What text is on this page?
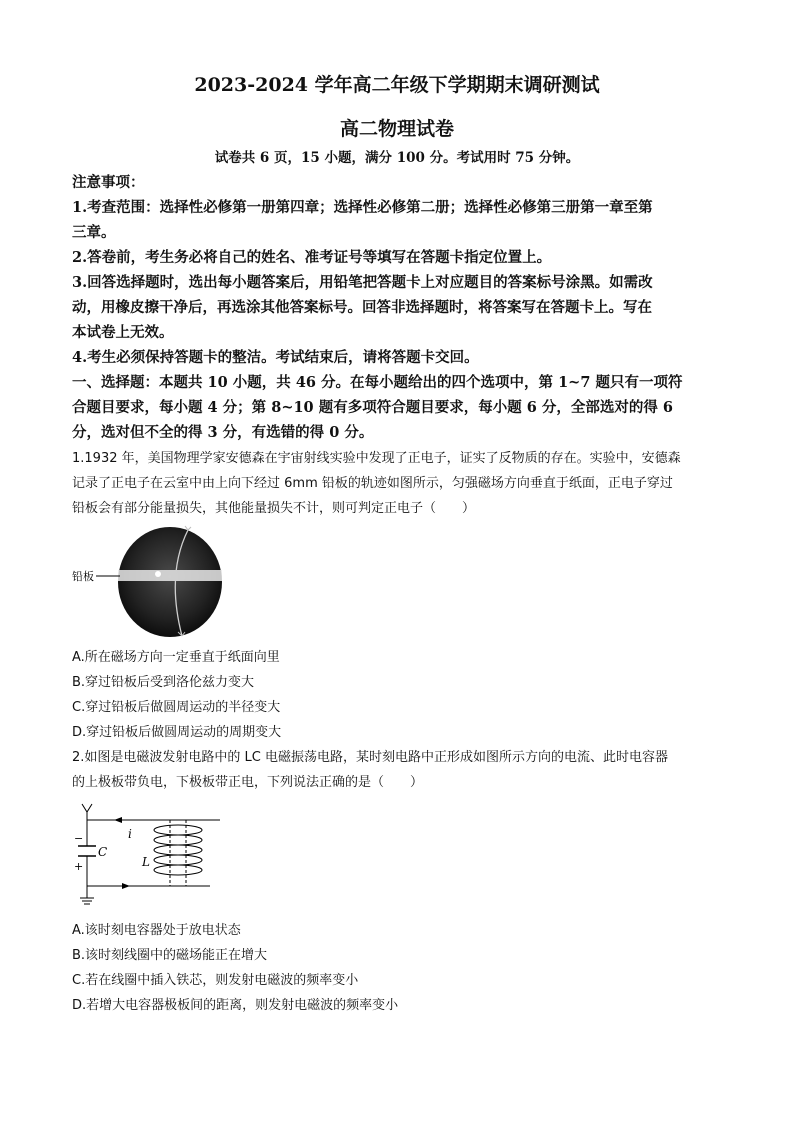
2023-2024 学年高二年级下学期期末调研测试
高二物理试卷
试卷共 6 页，15 小题，满分 100 分。考试用时 75 分钟。
注意事项：
1.考查范围：选择性必修第一册第四章；选择性必修第二册；选择性必修第三册第一章至第
三章。
2.答卷前，考生务必将自己的姓名、准考证号等填写在答题卡指定位置上。
3.回答选择题时，选出每小题答案后，用铅笔把答题卡上对应题目的答案标号涂黑。如需改
动，用橡皮擦干净后，再选涂其他答案标号。回答非选择题时，将答案写在答题卡上。写在
本试卷上无效。
4.考生必须保持答题卡的整洁。考试结束后，请将答题卡交回。
一、选择题：本题共 10 小题，共 46 分。在每小题给出的四个选项中，第 1~7 题只有一项符
合题目要求，每小题 4 分；第 8~10 题有多项符合题目要求，每小题 6 分，全部选对的得 6
分，选对但不全的得 3 分，有选错的得 0 分。
1.1932 年，美国物理学家安德森在宇宙射线实验中发现了正电子，证实了反物质的存在。实验中，安德森
记录了正电子在云室中由上向下经过 6mm 铅板的轨迹如图所示，匀强磁场方向垂直于纸面，正电子穿过
铅板会有部分能量损失，其他能量损失不计，则可判定正电子（　　）
铅板
A.所在磁场方向一定垂直于纸面向里
B.穿过铅板后受到洛伦兹力变大
C.穿过铅板后做圆周运动的半径变大
D.穿过铅板后做圆周运动的周期变大
2.如图是电磁波发射电路中的 LC 电磁振荡电路，某时刻电路中正形成如图所示方向的电流、此时电容器
的上极板带负电，下极板带正电，下列说法正确的是（　　）
−
+
C
i
L
A.该时刻电容器处于放电状态
B.该时刻线圈中的磁场能正在增大
C.若在线圈中插入铁芯，则发射电磁波的频率变小
D.若增大电容器极板间的距离，则发射电磁波的频率变小
